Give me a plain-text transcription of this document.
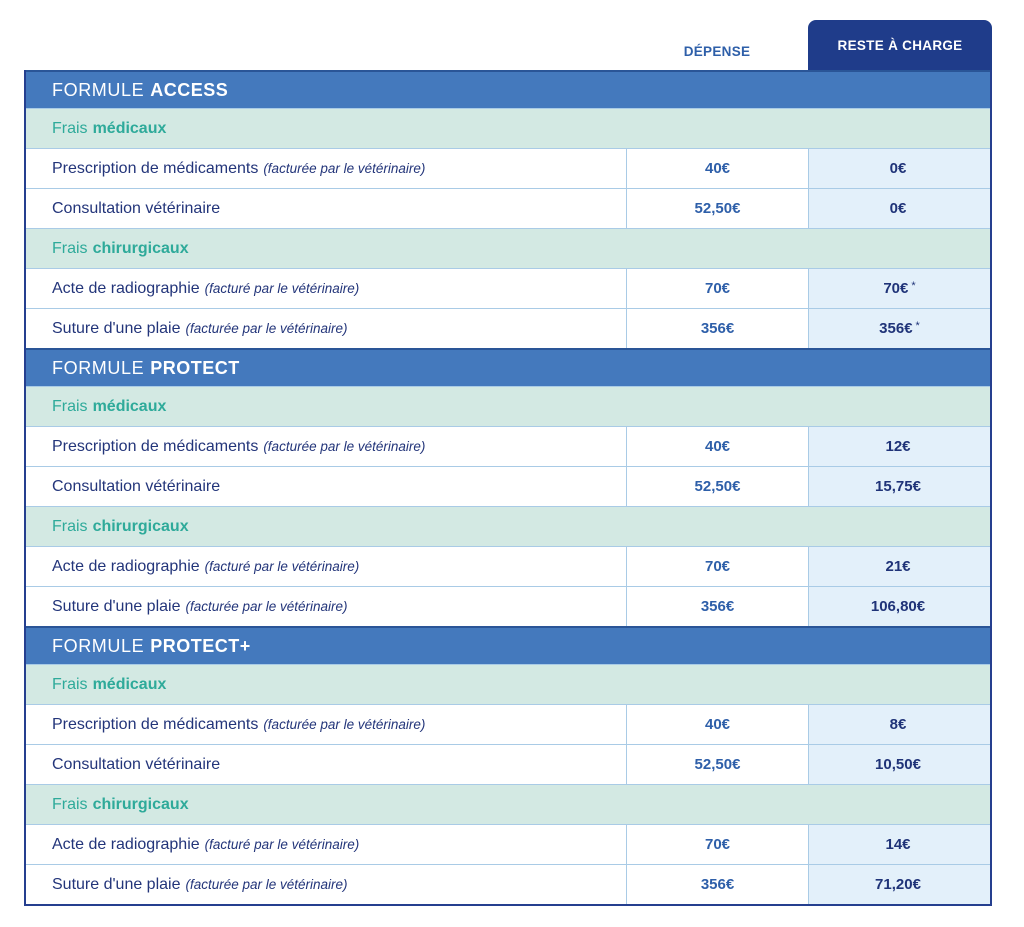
DÉPENSE	RESTE À CHARGE
FORMULE ACCESS
Frais médicaux
Prescription de médicaments (facturée par le vétérinaire)	40€	0€
Consultation vétérinaire	52,50€	0€
Frais chirurgicaux
Acte de radiographie (facturé par le vétérinaire)	70€	70€ *
Suture d'une plaie (facturée par le vétérinaire)	356€	356€ *
FORMULE PROTECT
Frais médicaux
Prescription de médicaments (facturée par le vétérinaire)	40€	12€
Consultation vétérinaire	52,50€	15,75€
Frais chirurgicaux
Acte de radiographie (facturé par le vétérinaire)	70€	21€
Suture d'une plaie (facturée par le vétérinaire)	356€	106,80€
FORMULE PROTECT+
Frais médicaux
Prescription de médicaments (facturée par le vétérinaire)	40€	8€
Consultation vétérinaire	52,50€	10,50€
Frais chirurgicaux
Acte de radiographie (facturé par le vétérinaire)	70€	14€
Suture d'une plaie (facturée par le vétérinaire)	356€	71,20€
